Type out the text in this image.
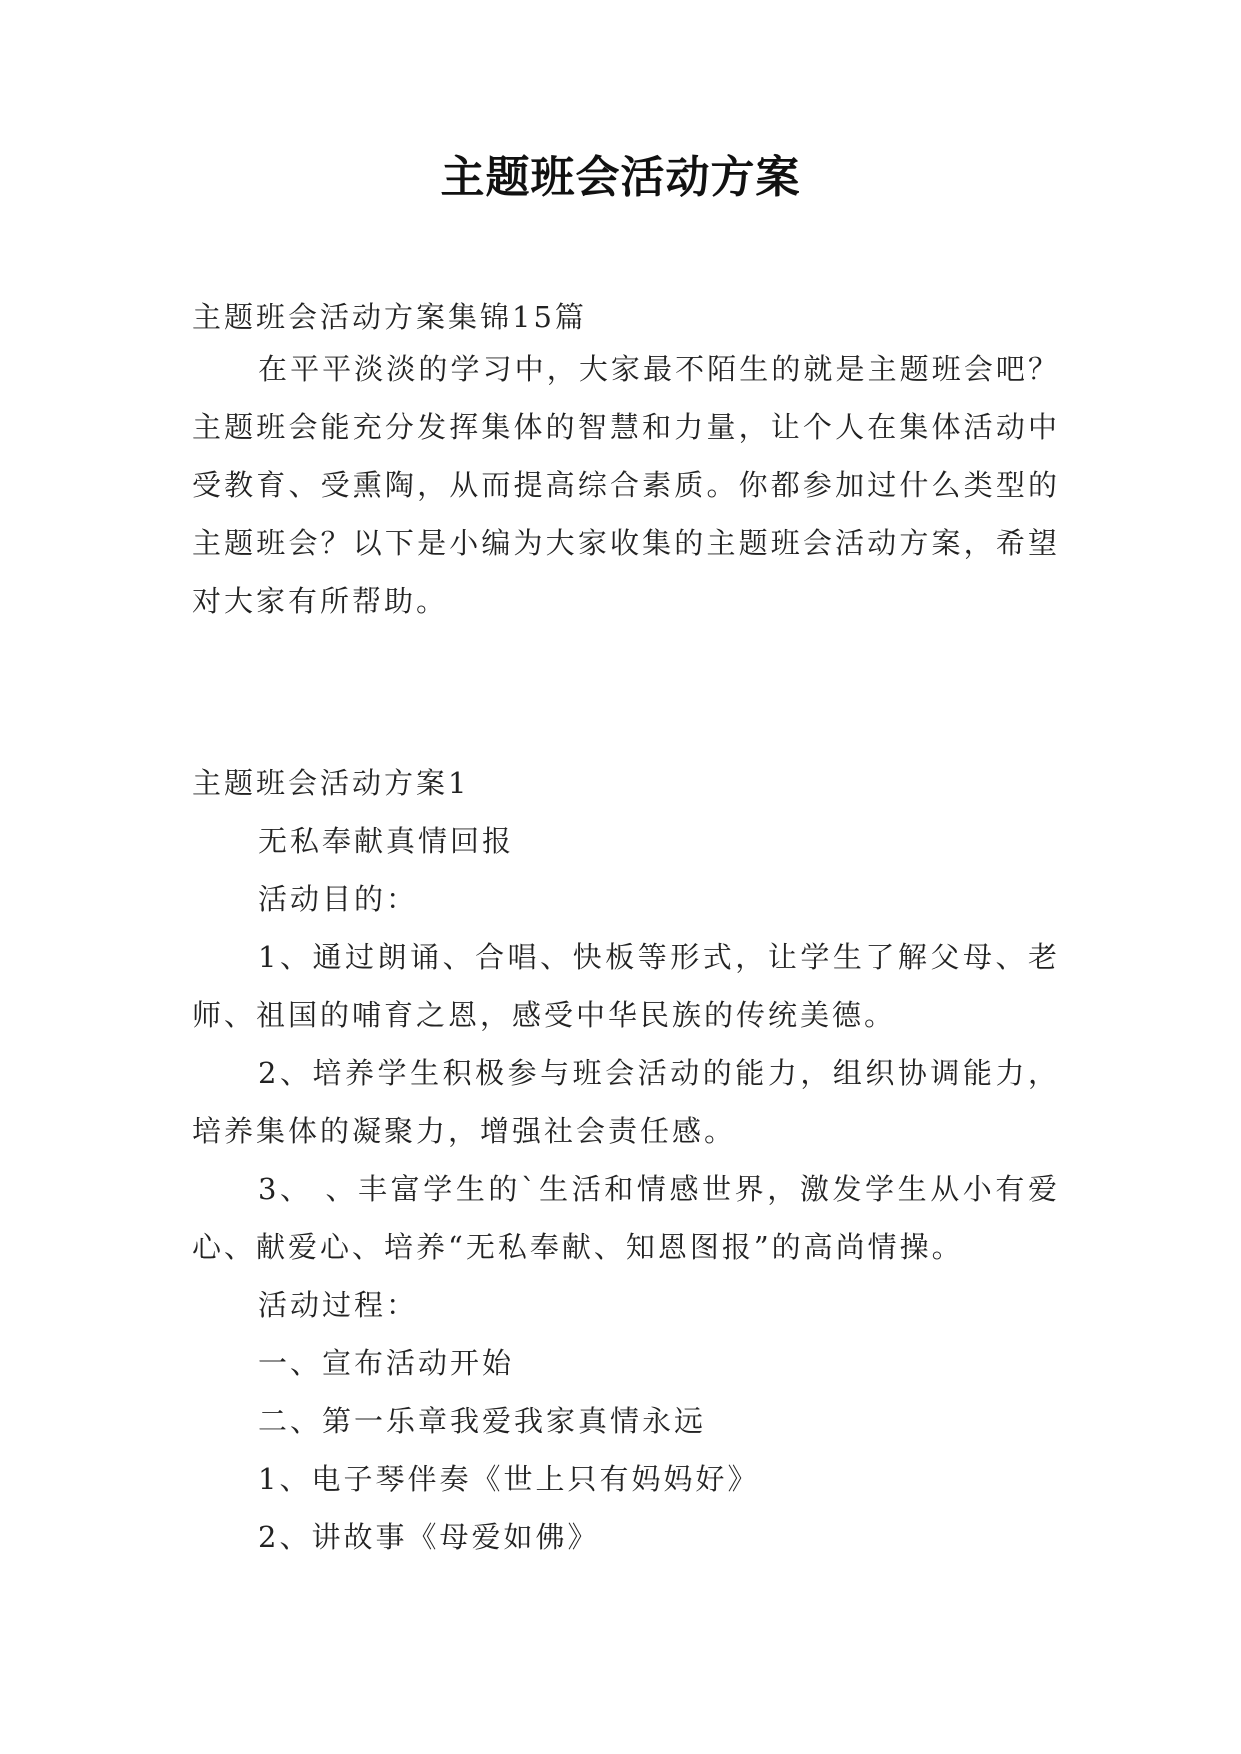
主题班会活动方案
主题班会活动方案集锦15篇
在平平淡淡的学习中，大家最不陌生的就是主题班会吧？主题班会能充分发挥集体的智慧和力量，让个人在集体活动中受教育、受熏陶，从而提高综合素质。你都参加过什么类型的主题班会？以下是小编为大家收集的主题班会活动方案，希望对大家有所帮助。

主题班会活动方案1

无私奉献真情回报

活动目的：

1、通过朗诵、合唱、快板等形式，让学生了解父母、老师、祖国的哺育之恩，感受中华民族的传统美德。

2、培养学生积极参与班会活动的能力，组织协调能力，培养集体的凝聚力，增强社会责任感。

3、 、丰富学生的`生活和情感世界，激发学生从小有爱心、献爱心、培养“无私奉献、知恩图报”的高尚情操。

活动过程：

一、宣布活动开始

二、第一乐章我爱我家真情永远

1、电子琴伴奏《世上只有妈妈好》

2、讲故事《母爱如佛》
